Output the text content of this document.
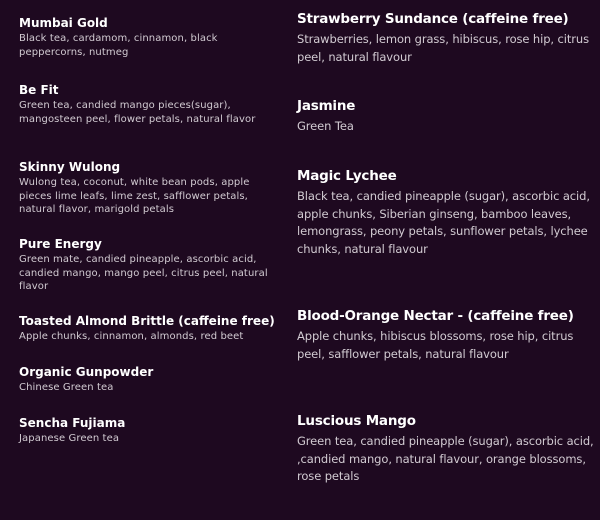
Mumbai Gold
Black tea, cardamom, cinnamon, black peppercorns, nutmeg
Be Fit
Green tea, candied mango pieces(sugar), mangosteen peel, flower petals, natural flavor
Skinny Wulong
Wulong tea, coconut, white bean pods, apple pieces lime leafs, lime zest, safflower petals, natural flavor, marigold petals
Pure Energy
Green mate, candied pineapple, ascorbic acid, candied mango, mango peel, citrus peel, natural flavor
Toasted Almond Brittle (caffeine free)
Apple chunks, cinnamon, almonds, red beet
Organic Gunpowder
Chinese Green tea
Sencha Fujiama
Japanese Green tea
Strawberry Sundance (caffeine free)
Strawberries, lemon grass, hibiscus, rose hip, citrus peel, natural flavour
Jasmine
Green Tea
Magic Lychee
Black tea, candied pineapple (sugar), ascorbic acid, apple chunks, Siberian ginseng, bamboo leaves, lemongrass, peony petals, sunflower petals, lychee chunks, natural flavour
Blood-Orange Nectar - (caffeine free)
Apple chunks, hibiscus blossoms, rose hip, citrus peel, safflower petals, natural flavour
Luscious Mango
Green tea, candied pineapple (sugar), ascorbic acid, ,candied mango, natural flavour, orange blossoms, rose petals
